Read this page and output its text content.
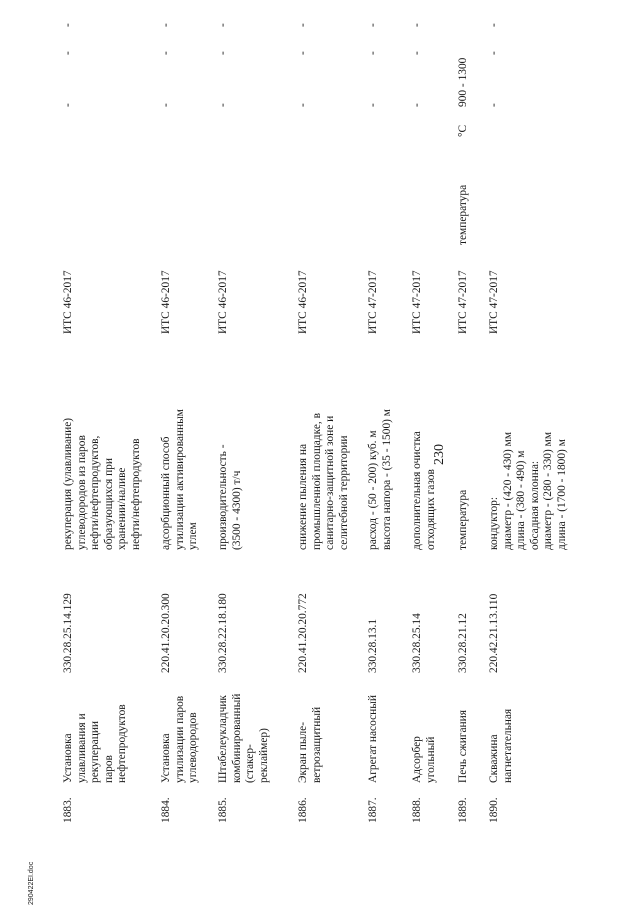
230
290422EI.doc
1883.
Установка улавливания и рекуперации паров нефтепродуктов
330.28.25.14.129
рекуперация (улавливание) углеводородов из паров нефти/нефтепродуктов, образующихся при хранении/наливе нефти/нефтепродуктов
ИТС 46-2017
-
-
-
1884.
Установка утилизации паров углеводородов
220.41.20.20.300
адсорбционный способ утилизации активированным углем
ИТС 46-2017
-
-
-
1885.
Штабелеукладчик комбинированный (стакер- реклаймер)
330.28.22.18.180
производительность - (3500 - 4300) т/ч
ИТС 46-2017
-
-
-
1886.
Экран пыле- ветрозащитный
220.41.20.20.772
снижение пыления на промышленной площадке, в санитарно-защитной зоне и селитебной территории
ИТС 46-2017
-
-
-
1887.
Агрегат насосный
330.28.13.1
расход - (50 - 200) куб. м высота напора - (35 - 1500) м
ИТС 47-2017
-
-
-
1888.
Адсорбер угольный
330.28.25.14
дополнительная очистка отходящих газов
ИТС 47-2017
-
-
-
1889.
Печь сжигания
330.28.21.12
температура
ИТС 47-2017
температура
°С
900 - 1300
1890.
Скважина нагнетательная
220.42.21.13.110
кондуктор: диаметр - (420 - 430) мм длина - (380 - 490) м обсадная колонна: диаметр - (280 - 330) мм длина - (1700 - 1800) м
ИТС 47-2017
-
-
-
